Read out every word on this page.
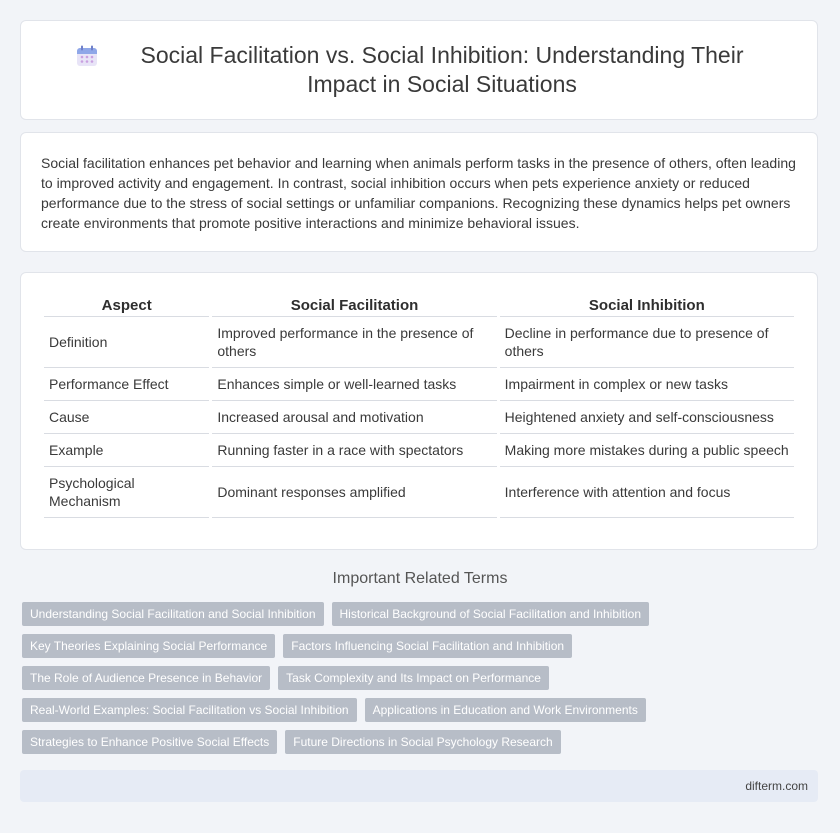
Social Facilitation vs. Social Inhibition: Understanding Their Impact in Social Situations

Social facilitation enhances pet behavior and learning when animals perform tasks in the presence of others, often leading to improved activity and engagement. In contrast, social inhibition occurs when pets experience anxiety or reduced performance due to the stress of social settings or unfamiliar companions. Recognizing these dynamics helps pet owners create environments that promote positive interactions and minimize behavioral issues.

Aspect	Social Facilitation	Social Inhibition
Definition	Improved performance in the presence of others	Decline in performance due to presence of others
Performance Effect	Enhances simple or well-learned tasks	Impairment in complex or new tasks
Cause	Increased arousal and motivation	Heightened anxiety and self-consciousness
Example	Running faster in a race with spectators	Making more mistakes during a public speech
Psychological Mechanism	Dominant responses amplified	Interference with attention and focus
Important Related Terms
Understanding Social Facilitation and Social Inhibition	Historical Background of Social Facilitation and Inhibition
Key Theories Explaining Social Performance	Factors Influencing Social Facilitation and Inhibition
The Role of Audience Presence in Behavior	Task Complexity and Its Impact on Performance
Real-World Examples: Social Facilitation vs Social Inhibition	Applications in Education and Work Environments
Strategies to Enhance Positive Social Effects	Future Directions in Social Psychology Research
difterm.com
